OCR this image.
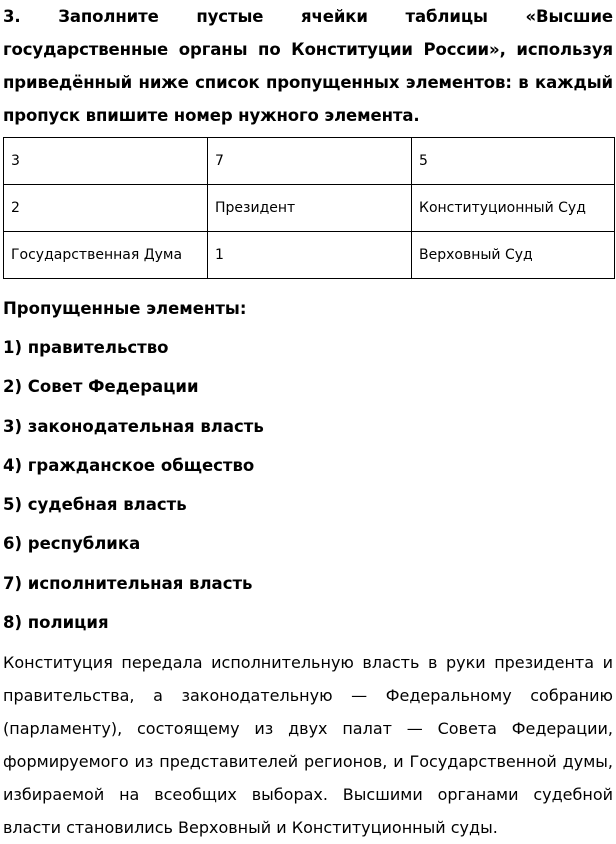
3. Заполните пустые ячейки таблицы «Высшие государственные органы по Конституции России», используя приведённый ниже список пропущенных элементов: в каждый пропуск впишите номер нужного элемента.
3	7	5
2	Президент	Конституционный Суд
Государственная Дума	1	Верховный Суд
Пропущенные элементы:
1) правительство
2) Совет Федерации
3) законодательная власть
4) гражданское общество
5) судебная власть
6) республика
7) исполнительная власть
8) полиция
Конституция передала исполнительную власть в руки президента и правительства, а законодательную — Федеральному собранию (парламенту), состоящему из двух палат — Совета Федерации, формируемого из представителей регионов, и Государственной думы, избираемой на всеобщих выборах. Высшими органами судебной власти становились Верховный и Конституционный суды.
